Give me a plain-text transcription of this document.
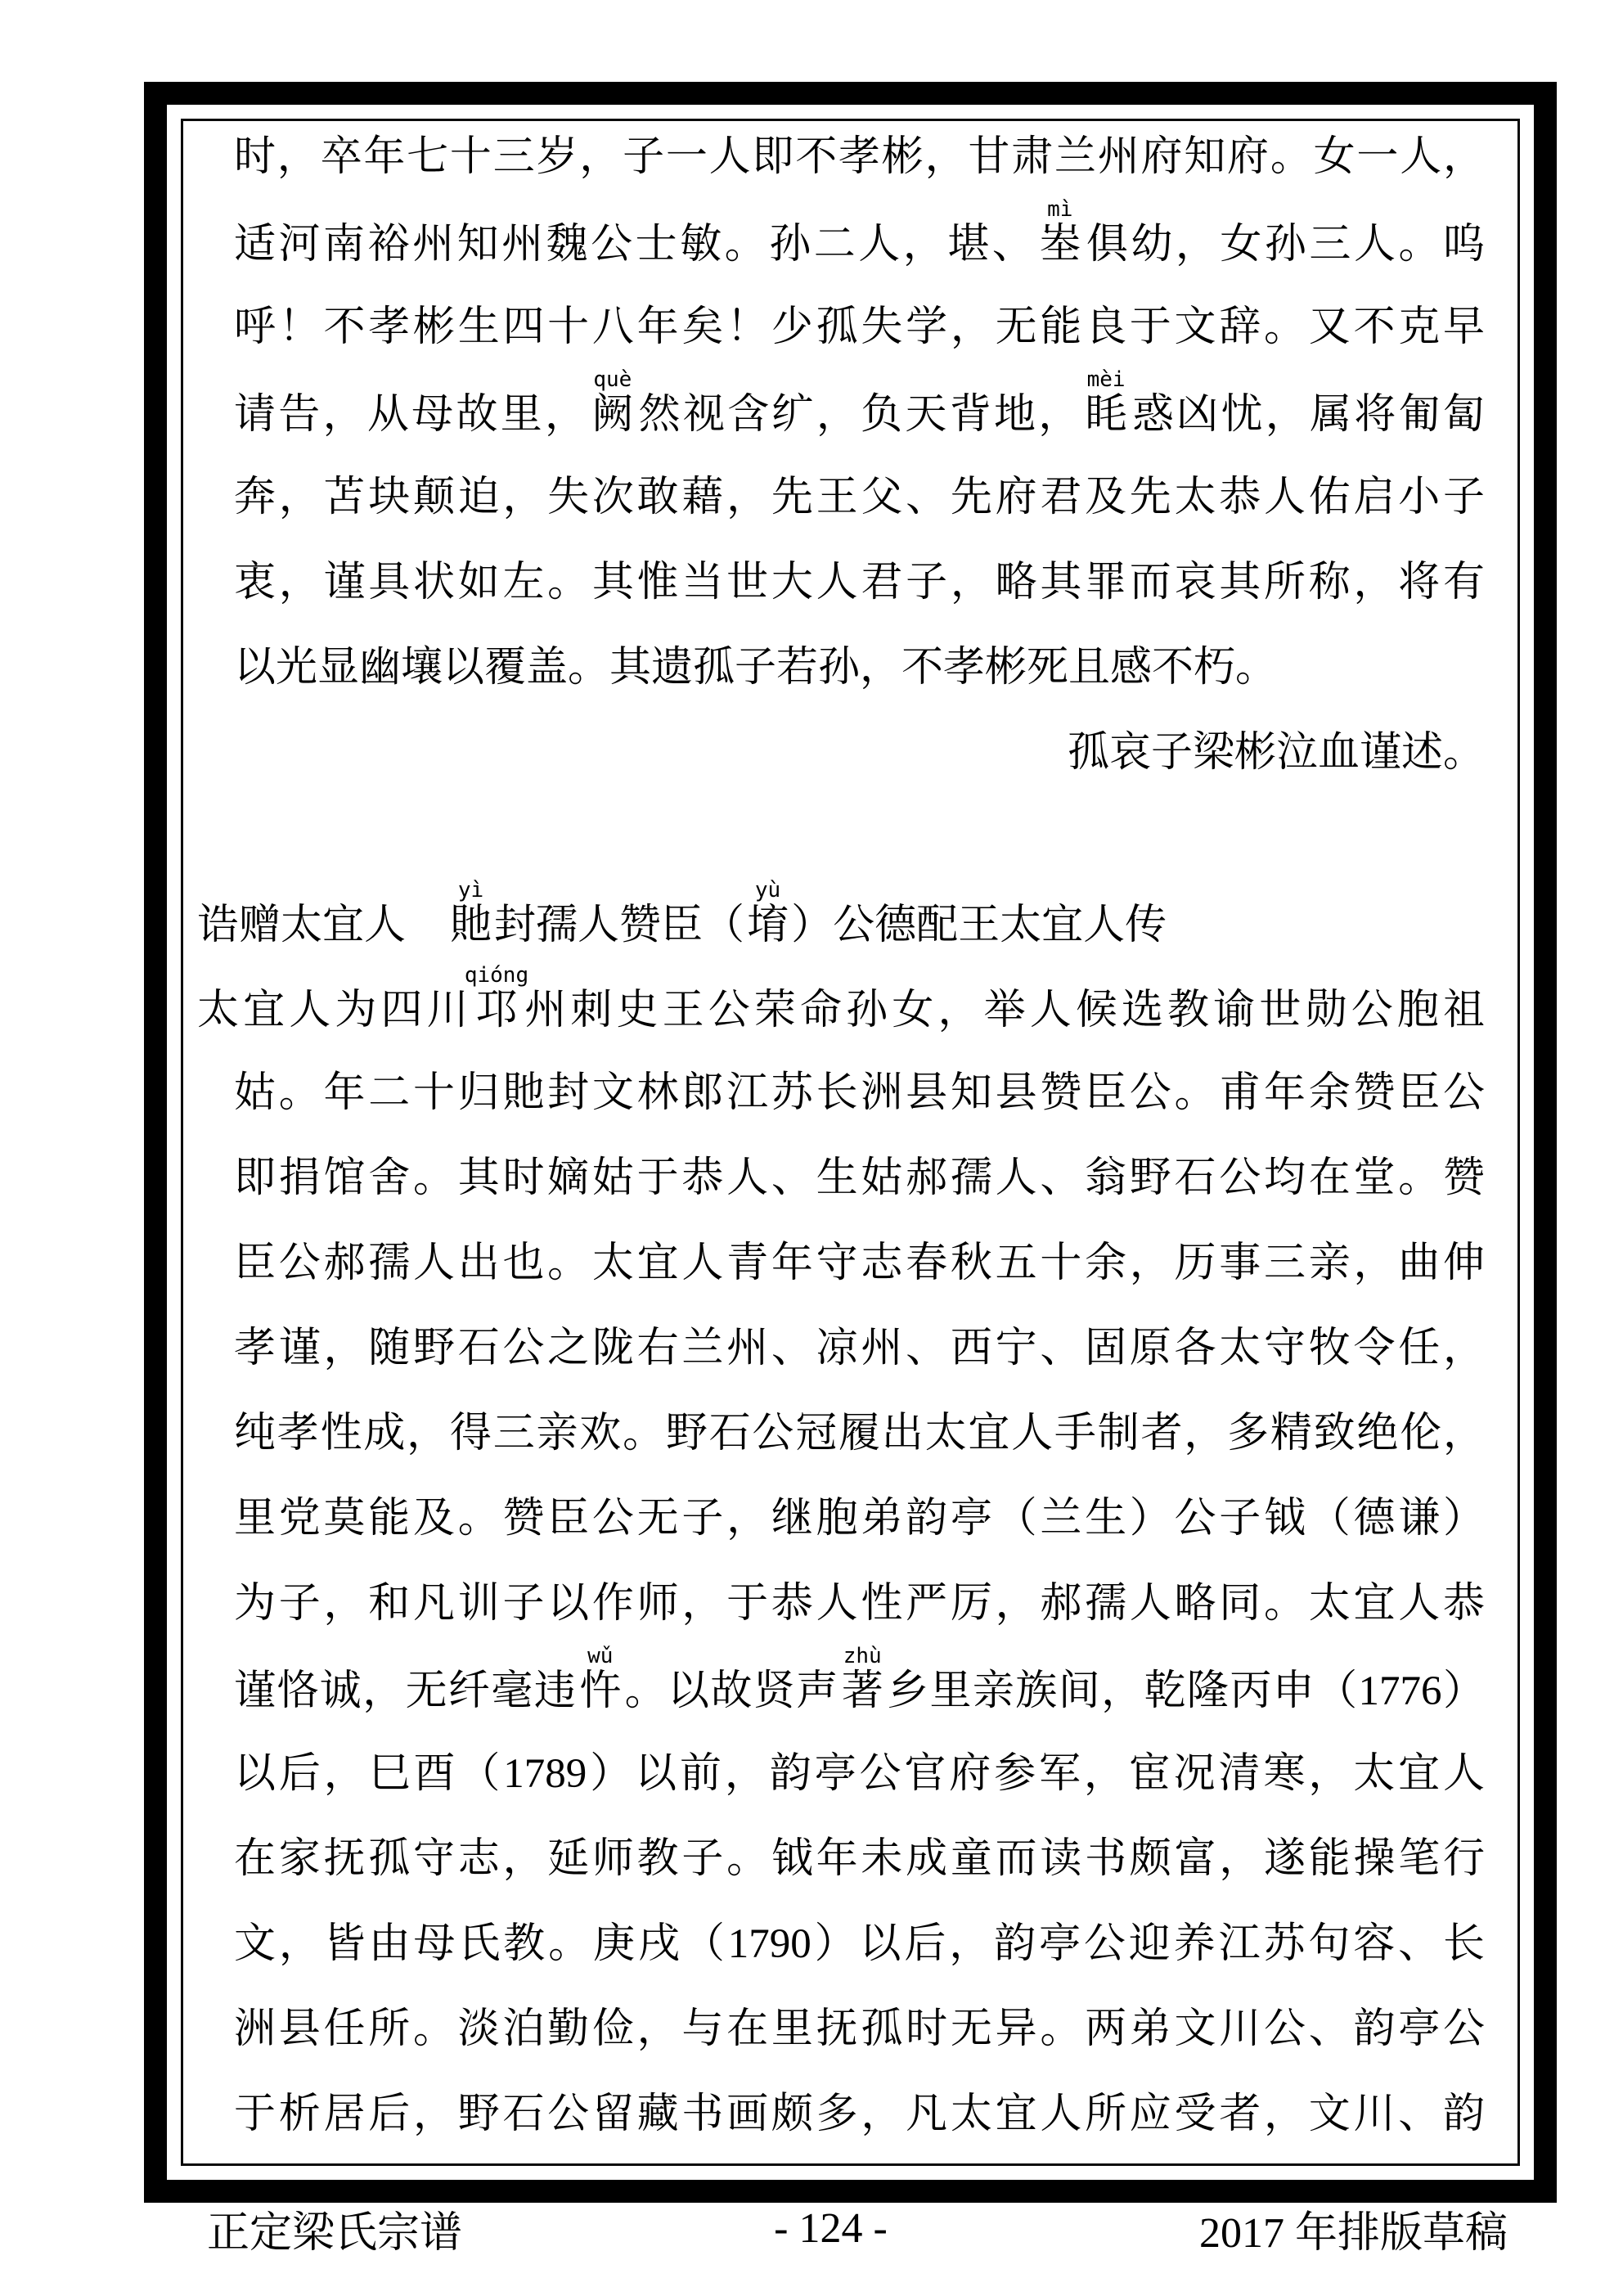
时，卒年七十三岁，子一人即不孝彬，甘肃兰州府知府。女一人，
适河南裕州知州魏公士敏。孙二人，堪、峚mì俱幼，女孙三人。呜
呼！不孝彬生四十八年矣！少孤失学，无能良于文辞。又不克早
请告，从母故里，阙què然视含纩，负天背地，眊mèi惑凶忧，属将匍匐
奔，苫块颠迫，失次敢藉，先王父、先府君及先太恭人佑启小子
衷，谨具状如左。其惟当世大人君子，略其罪而哀其所称，将有
以光显幽壤以覆盖。其遗孤子若孙，不孝彬死且感不朽。
孤哀子梁彬泣血谨述。
诰赠太宜人　貤yì封孺人赞臣（堉yù）公德配王太宜人传
太宜人为四川邛qióng州刺史王公荣命孙女，举人候选教谕世勋公胞祖
姑。年二十归貤封文林郎江苏长洲县知县赞臣公。甫年余赞臣公
即捐馆舍。其时嫡姑于恭人、生姑郝孺人、翁野石公均在堂。赞
臣公郝孺人出也。太宜人青年守志春秋五十余，历事三亲，曲伸
孝谨，随野石公之陇右兰州、凉州、西宁、固原各太守牧令任，
纯孝性成，得三亲欢。野石公冠履出太宜人手制者，多精致绝伦，
里党莫能及。赞臣公无子，继胞弟韵亭（兰生）公子钺（德谦）
为子，和凡训子以作师，于恭人性严厉，郝孺人略同。太宜人恭
谨恪诚，无纤毫违忤wǔ。以故贤声著zhù乡里亲族间，乾隆丙申（1776）
以后，巳酉（1789）以前，韵亭公官府参军，宦况清寒，太宜人
在家抚孤守志，延师教子。钺年未成童而读书颇富，遂能操笔行
文，皆由母氏教。庚戌（1790）以后，韵亭公迎养江苏句容、长
洲县任所。淡泊勤俭，与在里抚孤时无异。两弟文川公、韵亭公
于析居后，野石公留藏书画颇多，凡太宜人所应受者，文川、韵
正定梁氏宗谱	- 124 -	2017 年排版草稿
